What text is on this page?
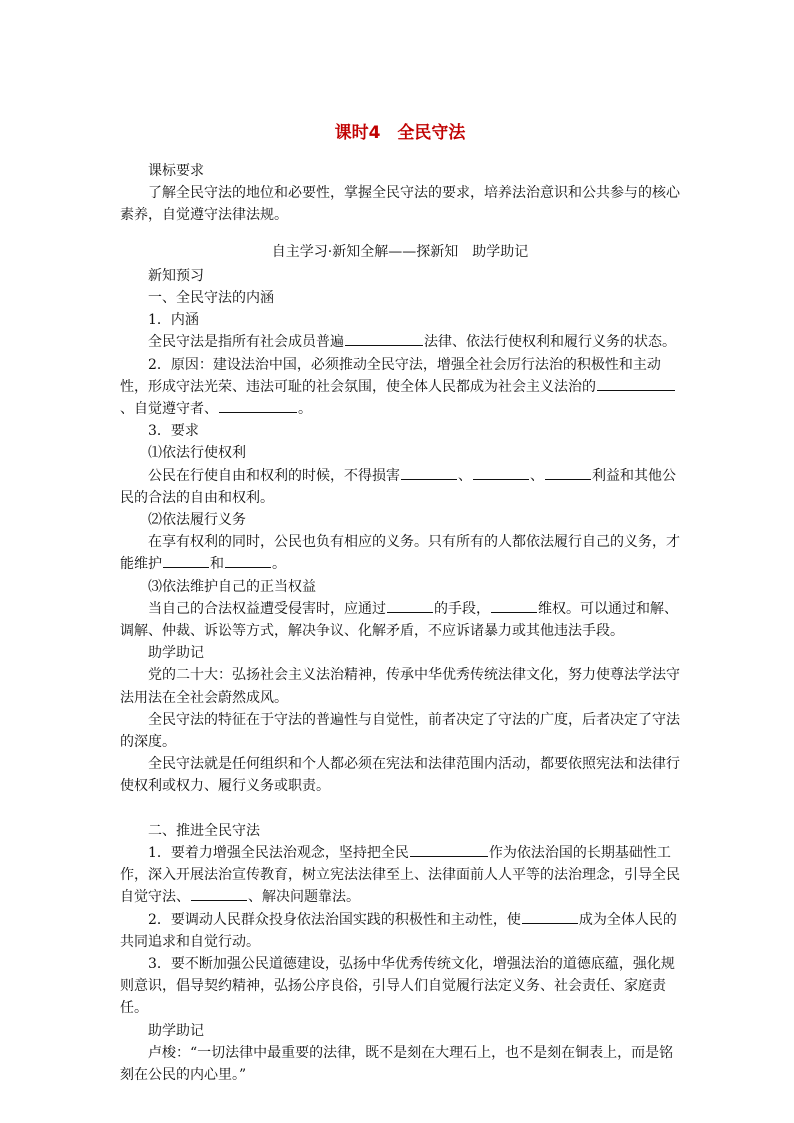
课时4　全民守法

课标要求

了解全民守法的地位和必要性，掌握全民守法的要求，培养法治意识和公共参与的核心素养，自觉遵守法律法规。

自主学习·新知全解——探新知　助学助记

新知预习

一、全民守法的内涵

1．内涵

全民守法是指所有社会成员普遍	法律、依法行使权利和履行义务的状态。

2．原因：建设法治中国，必须推动全民守法，增强全社会厉行法治的积极性和主动性，形成守法光荣、违法可耻的社会氛围，使全体人民都成为社会主义法治的、自觉遵守者、	。

3．要求

⑴依法行使权利

公民在行使自由和权利的时候，不得损害	、	、	利益和其他公民的合法的自由和权利。

⑵依法履行义务

在享有权利的同时，公民也负有相应的义务。只有所有的人都依法履行自己的义务，才能维护	和	。

⑶依法维护自己的正当权益

当自己的合法权益遭受侵害时，应通过	的手段，	维权。可以通过和解、调解、仲裁、诉讼等方式，解决争议、化解矛盾，不应诉诸暴力或其他违法手段。

助学助记

党的二十大：弘扬社会主义法治精神，传承中华优秀传统法律文化，努力使尊法学法守法用法在全社会蔚然成风。

全民守法的特征在于守法的普遍性与自觉性，前者决定了守法的广度，后者决定了守法的深度。

全民守法就是任何组织和个人都必须在宪法和法律范围内活动，都要依照宪法和法律行使权利或权力、履行义务或职责。

二、推进全民守法

1．要着力增强全民法治观念，坚持把全民	作为依法治国的长期基础性工作，深入开展法治宣传教育，树立宪法法律至上、法律面前人人平等的法治理念，引导全民自觉守法、	、解决问题靠法。

2．要调动人民群众投身依法治国实践的积极性和主动性，使	成为全体人民的共同追求和自觉行动。

3．要不断加强公民道德建设，弘扬中华优秀传统文化，增强法治的道德底蕴，强化规则意识，倡导契约精神，弘扬公序良俗，引导人们自觉履行法定义务、社会责任、家庭责任。

助学助记

卢梭：“一切法律中最重要的法律，既不是刻在大理石上，也不是刻在铜表上，而是铭刻在公民的内心里。”
